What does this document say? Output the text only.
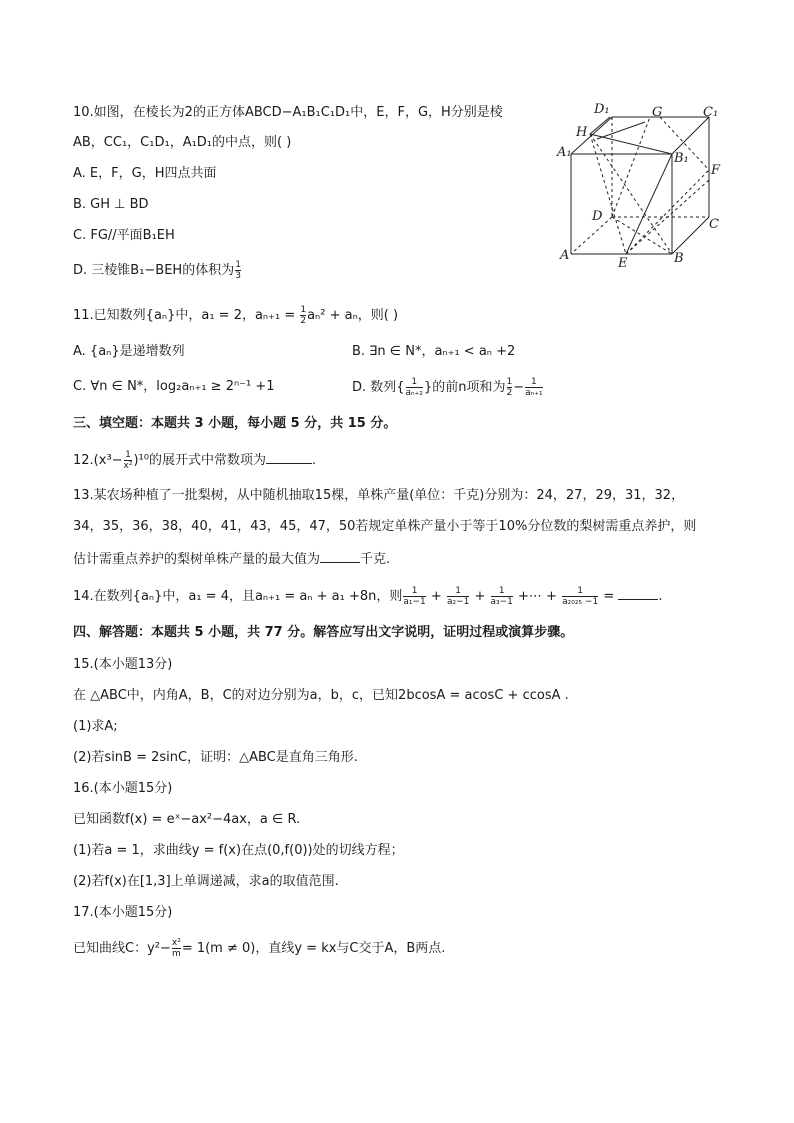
10.如图，在棱长为2的正方体ABCD−A₁B₁C₁D₁中，E，F，G，H分别是棱
AB，CC₁，C₁D₁，A₁D₁的中点，则( )
A. E，F，G，H四点共面
B. GH ⊥ BD
C. FG//平面B₁EH
D. 三棱锥B₁−BEH的体积为 $\frac{1}{3}$
D₁	G	C₁
H
A₁	B₁
F
D
C
A
E	B
11.已知数列{aₙ}中，a₁ = 2，$a_{n+1} = \frac{1}{2} a_n^2 + a_n$，则( )
A. {aₙ}是递增数列	B. ∃n ∈ N*，aₙ₊₁ < aₙ +2
C. ∀n ∈ N*，log₂aₙ₊₁ ≥ 2ⁿ⁻¹ +1	D. 数列{ $\frac{1}{\text{aₙ₊₂}}$ }的前n项和为 $\frac{1}{2} - \frac{1}{\text{aₙ₊₁}}$
三、填空题：本题共 3 小题，每小题 5 分，共 15 分。
$12.(x^3- \frac{1}{\text{x²}} )^{10}$的展开式中常数项为	.
13.某农场种植了一批梨树，从中随机抽取15棵，单株产量(单位：千克)分别为：24，27，29，31，32，
34，35，36，38，40，41，43，45，47，50若规定单株产量小于等于10%分位数的梨树需重点养护，则
估计需重点养护的梨树单株产量的最大值为	千克.
14.在数列{aₙ}中，a₁ = 4，且aₙ₊₁ = aₙ + a₁ +8n，则 $\frac{1}{\text{a₁−1}} + \frac{1}{\text{a₂−1}} + \frac{1}{\text{a₃−1}}$ +⋯ + $\frac{1}{\text{a₂₀₂₅ −1}}$ =	.
四、解答题：本题共 5 小题，共 77 分。解答应写出文字说明，证明过程或演算步骤。
15.(本小题13分)
在 △ABC中，内角A，B，C的对边分别为a，b，c，已知2bcosA = acosC + ccosA .
(1)求A;
(2)若sinB = 2sinC，证明：△ABC是直角三角形.
16.(本小题15分)
已知函数f(x) = eˣ−ax²−4ax，a ∈ R.
(1)若a = 1，求曲线y = f(x)在点(0,f(0))处的切线方程；
(2)若f(x)在[1,3]上单调递减，求a的取值范围.
17.(本小题15分)
已知曲线C：$y^2- \frac{\text{x²}}{m} = 1(m \ne 0)$，直线y = kx与C交于A，B两点.
